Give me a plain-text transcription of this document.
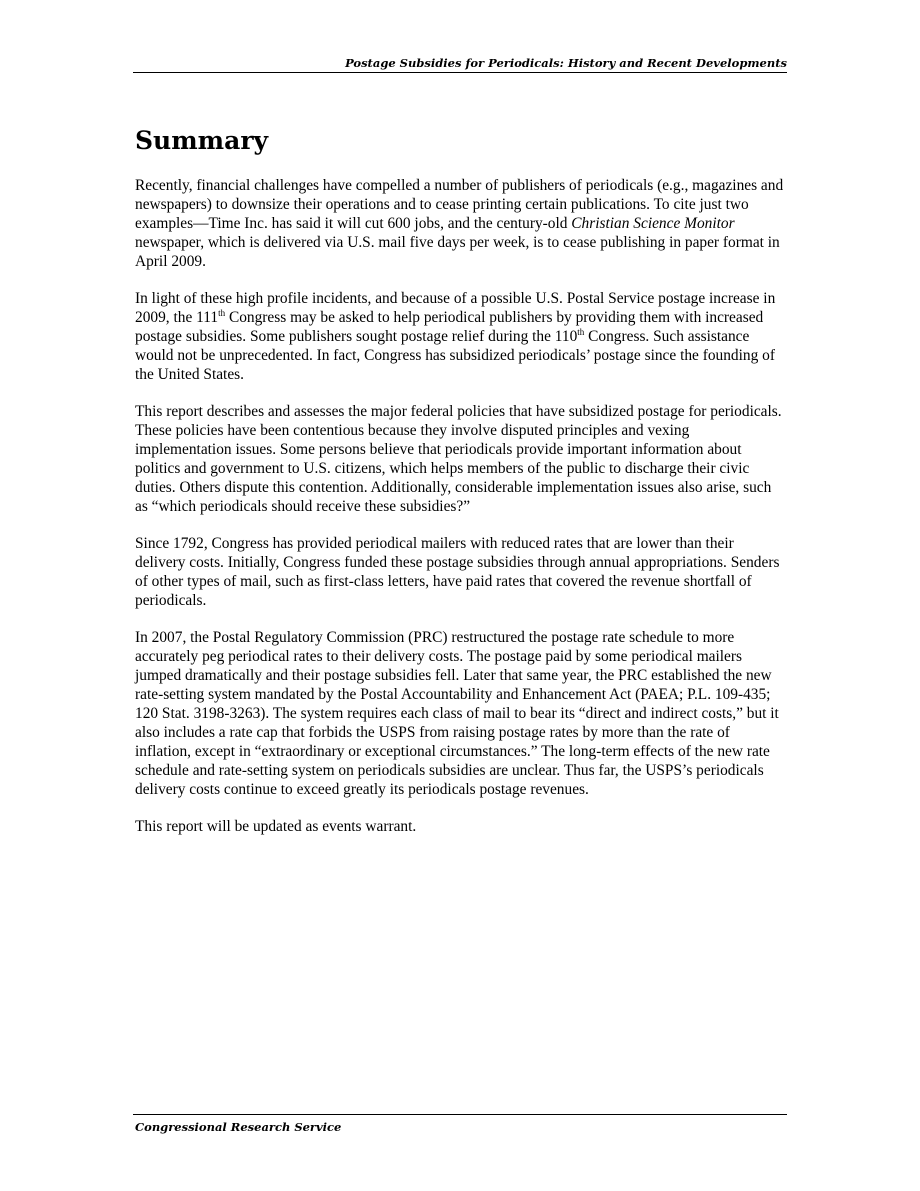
Postage Subsidies for Periodicals: History and Recent Developments
Summary

Recently, financial challenges have compelled a number of publishers of periodicals (e.g., magazines and newspapers) to downsize their operations and to cease printing certain publications. To cite just two examples—Time Inc. has said it will cut 600 jobs, and the century-old Christian Science Monitor newspaper, which is delivered via U.S. mail five days per week, is to cease publishing in paper format in April 2009.

In light of these high profile incidents, and because of a possible U.S. Postal Service postage increase in 2009, the 111th Congress may be asked to help periodical publishers by providing them with increased postage subsidies. Some publishers sought postage relief during the 110th Congress. Such assistance would not be unprecedented. In fact, Congress has subsidized periodicals’ postage since the founding of the United States.

This report describes and assesses the major federal policies that have subsidized postage for periodicals. These policies have been contentious because they involve disputed principles and vexing implementation issues. Some persons believe that periodicals provide important information about politics and government to U.S. citizens, which helps members of the public to discharge their civic duties. Others dispute this contention. Additionally, considerable implementation issues also arise, such as “which periodicals should receive these subsidies?”

Since 1792, Congress has provided periodical mailers with reduced rates that are lower than their delivery costs. Initially, Congress funded these postage subsidies through annual appropriations. Senders of other types of mail, such as first-class letters, have paid rates that covered the revenue shortfall of periodicals.

In 2007, the Postal Regulatory Commission (PRC) restructured the postage rate schedule to more accurately peg periodical rates to their delivery costs. The postage paid by some periodical mailers jumped dramatically and their postage subsidies fell. Later that same year, the PRC established the new rate-setting system mandated by the Postal Accountability and Enhancement Act (PAEA; P.L. 109-435; 120 Stat. 3198-3263). The system requires each class of mail to bear its “direct and indirect costs,” but it also includes a rate cap that forbids the USPS from raising postage rates by more than the rate of inflation, except in “extraordinary or exceptional circumstances.” The long-term effects of the new rate schedule and rate-setting system on periodicals subsidies are unclear. Thus far, the USPS’s periodicals delivery costs continue to exceed greatly its periodicals postage revenues.

This report will be updated as events warrant.

Congressional Research Service
